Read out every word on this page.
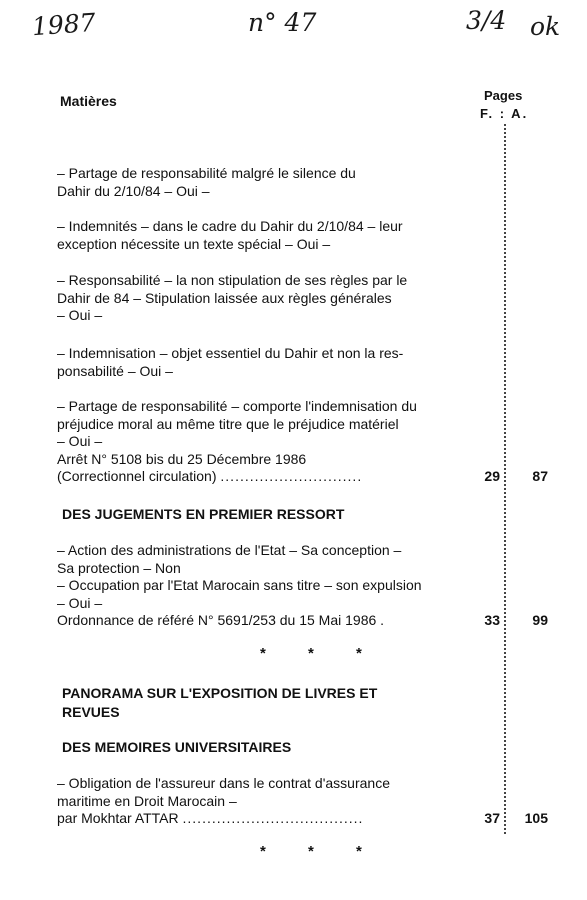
1987	n° 47	3/4 ok
Matières	Pages
F. : A.
– Partage de responsabilité malgré le silence du
Dahir du 2/10/84 – Oui –
– Indemnités – dans le cadre du Dahir du 2/10/84 – leur
exception nécessite un texte spécial – Oui –
– Responsabilité – la non stipulation de ses règles par le
Dahir de 84 – Stipulation laissée aux règles générales
– Oui –
– Indemnisation – objet essentiel du Dahir et non la res-
ponsabilité – Oui –
– Partage de responsabilité – comporte l'indemnisation du
préjudice moral au même titre que le préjudice matériel
– Oui –
Arrêt N° 5108 bis du 25 Décembre 1986
(Correctionnel circulation) .............................	29	87
DES JUGEMENTS EN PREMIER RESSORT
– Action des administrations de l'Etat – Sa conception –
Sa protection – Non
– Occupation par l'Etat Marocain sans titre – son expulsion
– Oui –
Ordonnance de référé N° 5691/253 du 15 Mai 1986 .	33	99
* * *
PANORAMA SUR L'EXPOSITION DE LIVRES ET
REVUES
DES MEMOIRES UNIVERSITAIRES
– Obligation de l'assureur dans le contrat d'assurance
maritime en Droit Marocain –
par Mokhtar ATTAR .....................................	37	105
* * *
